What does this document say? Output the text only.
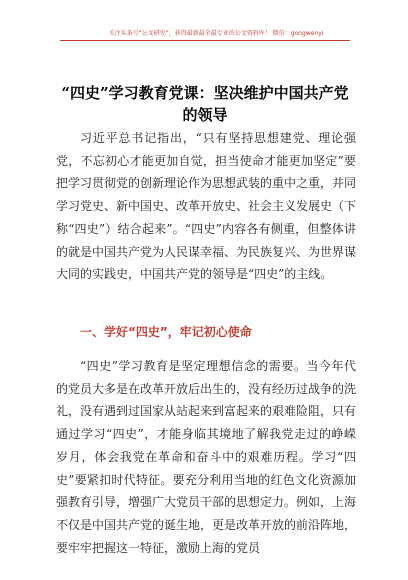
关注头条号“公文研究”，获得最新最全最专业的公文资料库！ 微信：gongwenyi
“四史”学习教育党课：坚决维护中国共产党
的领导

习近平总书记指出，“只有坚持思想建党、理论强党，不忘初心才能更加自觉，担当使命才能更加坚定”要把学习贯彻党的创新理论作为思想武装的重中之重，并同学习党史、新中国史、改革开放史、社会主义发展史（下称“四史”）结合起来”。“四史”内容各有侧重，但整体讲的就是中国共产党为人民谋幸福、为民族复兴、为世界谋大同的实践史，中国共产党的领导是“四史”的主线。

一、学好“四史”，牢记初心使命

“四史”学习教育是坚定理想信念的需要。当今年代的党员大多是在改革开放后出生的，没有经历过战争的洗礼，没有遇到过国家从站起来到富起来的艰难险阻，只有通过学习“四史”，才能身临其境地了解我党走过的峥嵘岁月，体会我党在革命和奋斗中的艰难历程。学习“四史”要紧扣时代特征。要充分利用当地的红色文化资源加强教育引导，增强广大党员干部的思想定力。例如，上海不仅是中国共产党的诞生地，更是改革开放的前沿阵地，要牢牢把握这一特征，激励上海的党员
